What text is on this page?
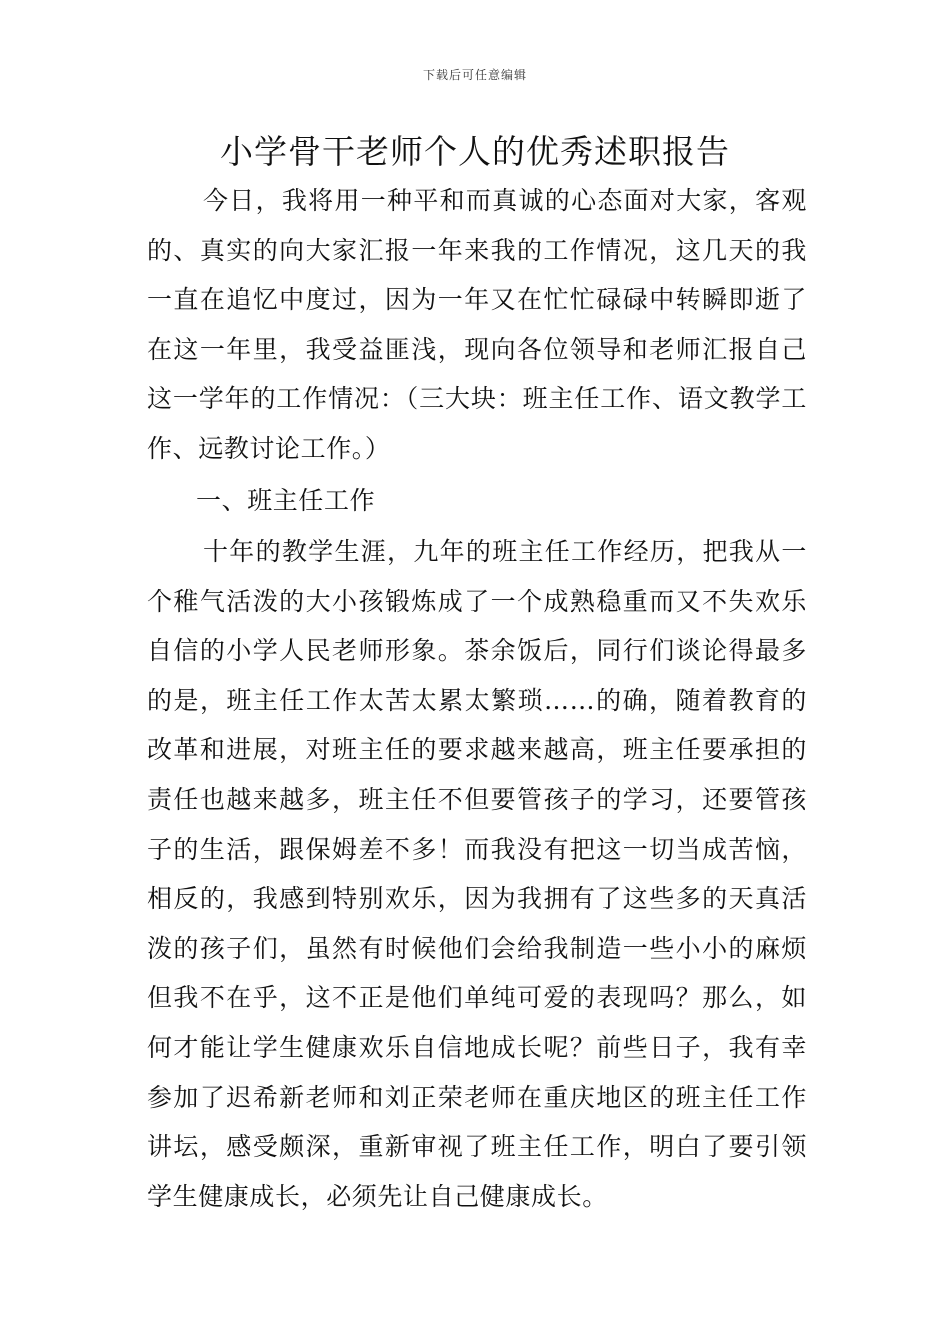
下载后可任意编辑
小学骨干老师个人的优秀述职报告

今日，我将用一种平和而真诚的心态面对大家，客观的、真实的向大家汇报一年来我的工作情况，这几天的我一直在追忆中度过，因为一年又在忙忙碌碌中转瞬即逝了在这一年里，我受益匪浅，现向各位领导和老师汇报自己这一学年的工作情况：（三大块：班主任工作、语文教学工作、远教讨论工作。）

一、班主任工作

十年的教学生涯，九年的班主任工作经历，把我从一个稚气活泼的大小孩锻炼成了一个成熟稳重而又不失欢乐自信的小学人民老师形象。茶余饭后，同行们谈论得最多的是，班主任工作太苦太累太繁琐……的确，随着教育的改革和进展，对班主任的要求越来越高，班主任要承担的责任也越来越多，班主任不但要管孩子的学习，还要管孩子的生活，跟保姆差不多！而我没有把这一切当成苦恼，相反的，我感到特别欢乐，因为我拥有了这些多的天真活泼的孩子们，虽然有时候他们会给我制造一些小小的麻烦但我不在乎，这不正是他们单纯可爱的表现吗？那么，如何才能让学生健康欢乐自信地成长呢？前些日子，我有幸参加了迟希新老师和刘正荣老师在重庆地区的班主任工作讲坛，感受颇深，重新审视了班主任工作，明白了要引领学生健康成长，必须先让自己健康成长。
